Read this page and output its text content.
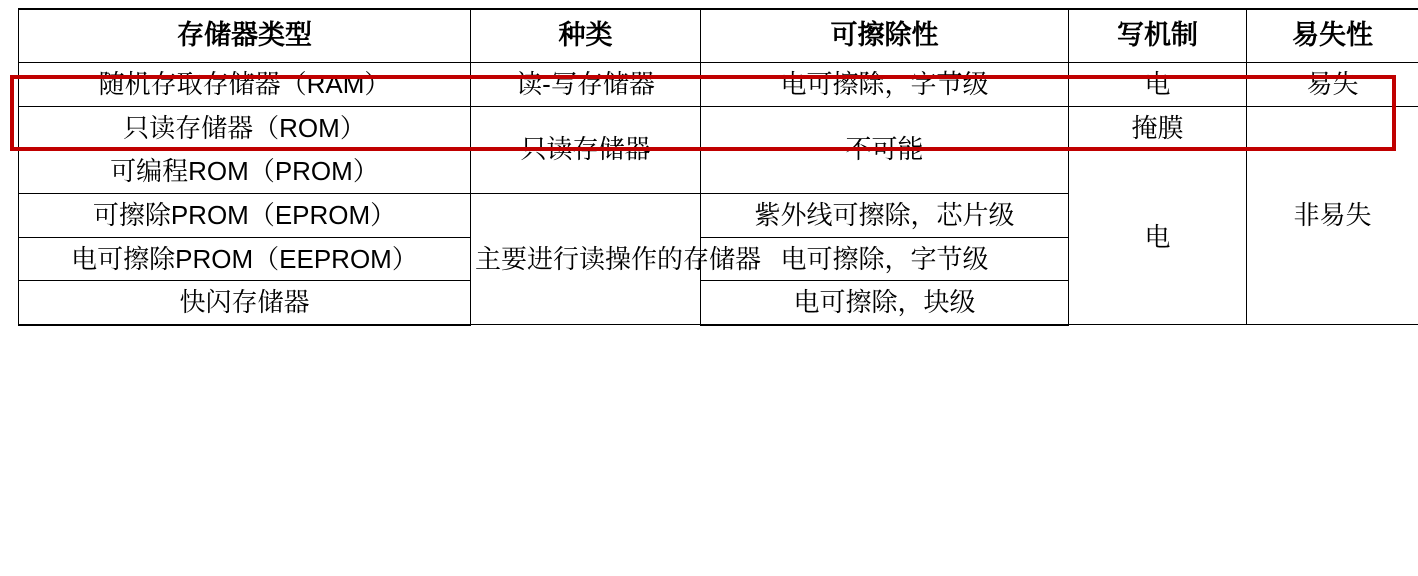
存储器类型	种类	可擦除性	写机制	易失性
随机存取存储器（RAM）	读-写存储器	电可擦除，字节级	电	易失
只读存储器（ROM）	只读存储器	不可能	掩膜	非易失
可编程ROM（PROM）			电	
可擦除PROM（EPROM）	主要进行读操作的存储器	紫外线可擦除，芯片级		
电可擦除PROM（EEPROM）		电可擦除，字节级		
快闪存储器		电可擦除，块级		
